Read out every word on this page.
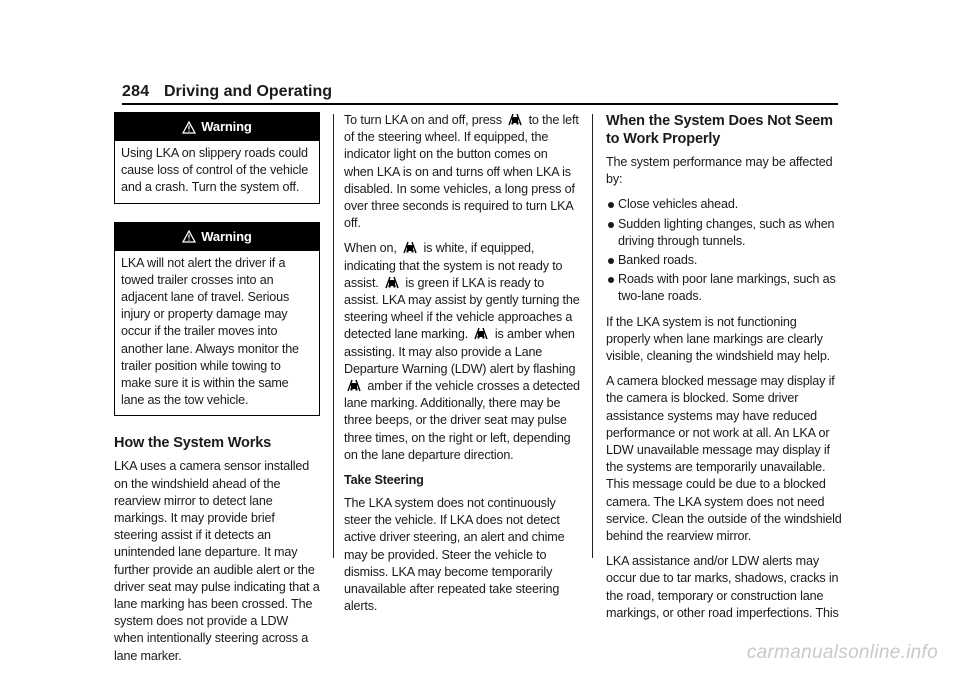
284 Driving and Operating
Warning
Using LKA on slippery roads could cause loss of control of the vehicle and a crash. Turn the system off.
Warning
LKA will not alert the driver if a towed trailer crosses into an adjacent lane of travel. Serious injury or property damage may occur if the trailer moves into another lane. Always monitor the trailer position while towing to make sure it is within the same lane as the tow vehicle.
How the System Works

LKA uses a camera sensor installed on the windshield ahead of the rearview mirror to detect lane markings. It may provide brief steering assist if it detects an unintended lane departure. It may further provide an audible alert or the driver seat may pulse indicating that a lane marking has been crossed. The system does not provide a LDW when intentionally steering across a lane marker.

To turn LKA on and off, press to the left of the steering wheel. If equipped, the indicator light on the button comes on when LKA is on and turns off when LKA is disabled. In some vehicles, a long press of over three seconds is required to turn LKA off.

When on, is white, if equipped, indicating that the system is not ready to assist. is green if LKA is ready to assist. LKA may assist by gently turning the steering wheel if the vehicle approaches a detected lane marking. is amber when assisting. It may also provide a Lane Departure Warning (LDW) alert by flashing  amber if the vehicle crosses a detected lane marking. Additionally, there may be three beeps, or the driver seat may pulse three times, on the right or left, depending on the lane departure direction.

Take Steering

The LKA system does not continuously steer the vehicle. If LKA does not detect active driver steering, an alert and chime may be provided. Steer the vehicle to dismiss. LKA may become temporarily unavailable after repeated take steering alerts.

When the System Does Not Seem to Work Properly

The system performance may be affected by:

Close vehicles ahead.
Sudden lighting changes, such as when driving through tunnels.
Banked roads.
Roads with poor lane markings, such as two-lane roads.

If the LKA system is not functioning properly when lane markings are clearly visible, cleaning the windshield may help.

A camera blocked message may display if the camera is blocked. Some driver assistance systems may have reduced performance or not work at all. An LKA or LDW unavailable message may display if the systems are temporarily unavailable. This message could be due to a blocked camera. The LKA system does not need service. Clean the outside of the windshield behind the rearview mirror.

LKA assistance and/or LDW alerts may occur due to tar marks, shadows, cracks in the road, temporary or construction lane markings, or other road imperfections. This

carmanualsonline.info
